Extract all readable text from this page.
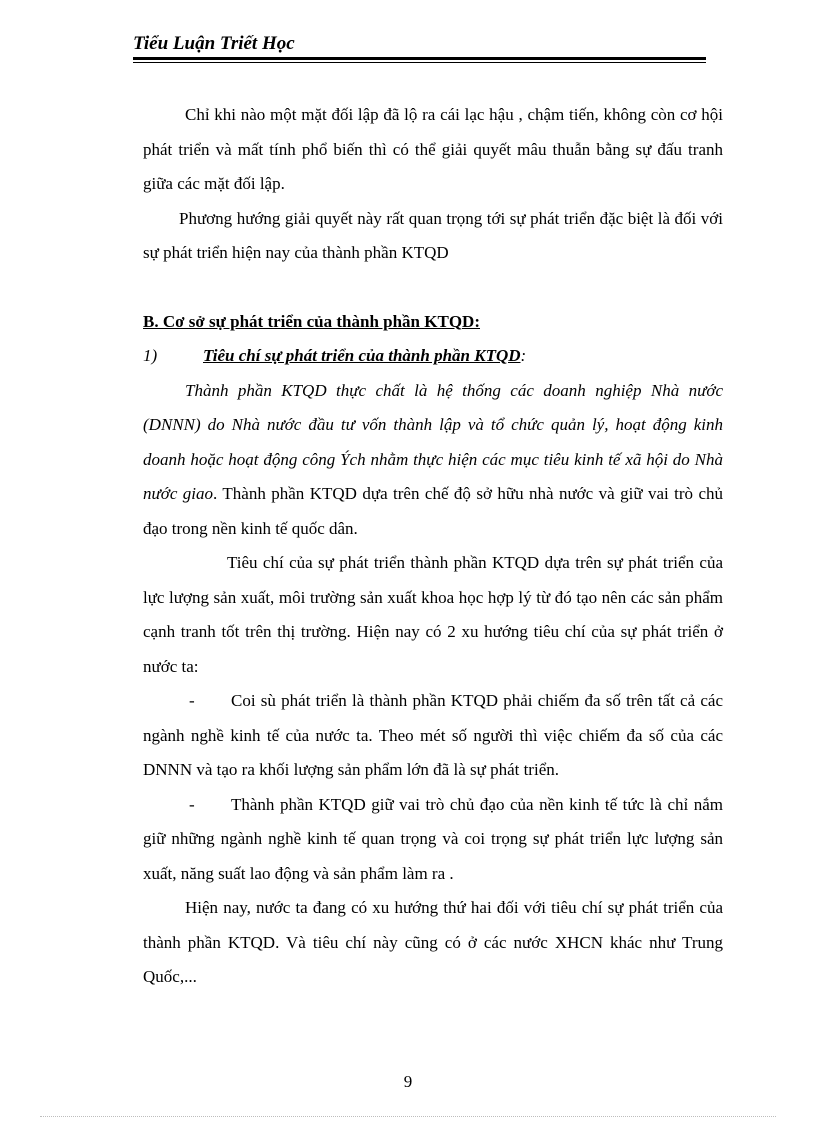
Tiểu Luận Triết Học

Chỉ khi nào một mặt đối lập đã lộ ra cái lạc hậu , chậm tiến, không còn cơ hội phát triển và mất tính phổ biến thì có thể giải quyết mâu thuẫn bằng sự đấu tranh giữa các mặt đối lập.

Phương hướng giải quyết này rất quan trọng tới sự phát triển đặc biệt là đối với sự phát triển hiện nay của thành phần KTQD

B. Cơ sở sự phát triển của thành phần KTQD:

1)	Tiêu chí sự phát triển của thành phần KTQD:

Thành phần KTQD thực chất là hệ thống các doanh nghiệp Nhà nước (DNNN) do Nhà nước đầu tư vốn thành lập và tổ chức quản lý, hoạt động kinh doanh hoặc hoạt động công Ých nhằm thực hiện các mục tiêu kinh tế xã hội do Nhà nước giao. Thành phần KTQD dựa trên chế độ sở hữu nhà nước và giữ vai trò chủ đạo trong nền kinh tế quốc dân.

Tiêu chí của sự phát triển thành phần KTQD dựa trên sự phát triển của lực lượng sản xuất, môi trường sản xuất khoa học hợp lý từ đó tạo nên các sản phẩm cạnh tranh tốt trên thị trường. Hiện nay có 2 xu hướng tiêu chí của sự phát triển ở nước ta:

- Coi sù phát triển là thành phần KTQD phải chiếm đa số trên tất cả các ngành nghề kinh tế của nước ta. Theo mét số người thì việc chiếm đa số của các DNNN và tạo ra khối lượng sản phẩm lớn đã là sự phát triển.

- Thành phần KTQD giữ vai trò chủ đạo của nền kinh tế tức là chỉ nắm giữ những ngành nghề kinh tế quan trọng và coi trọng sự phát triển lực lượng sản xuất, năng suất lao động và sản phẩm làm ra .

Hiện nay, nước ta đang có xu hướng thứ hai đối với tiêu chí sự phát triển của thành phần KTQD. Và tiêu chí này cũng có ở các nước XHCN khác như Trung Quốc,...

9
